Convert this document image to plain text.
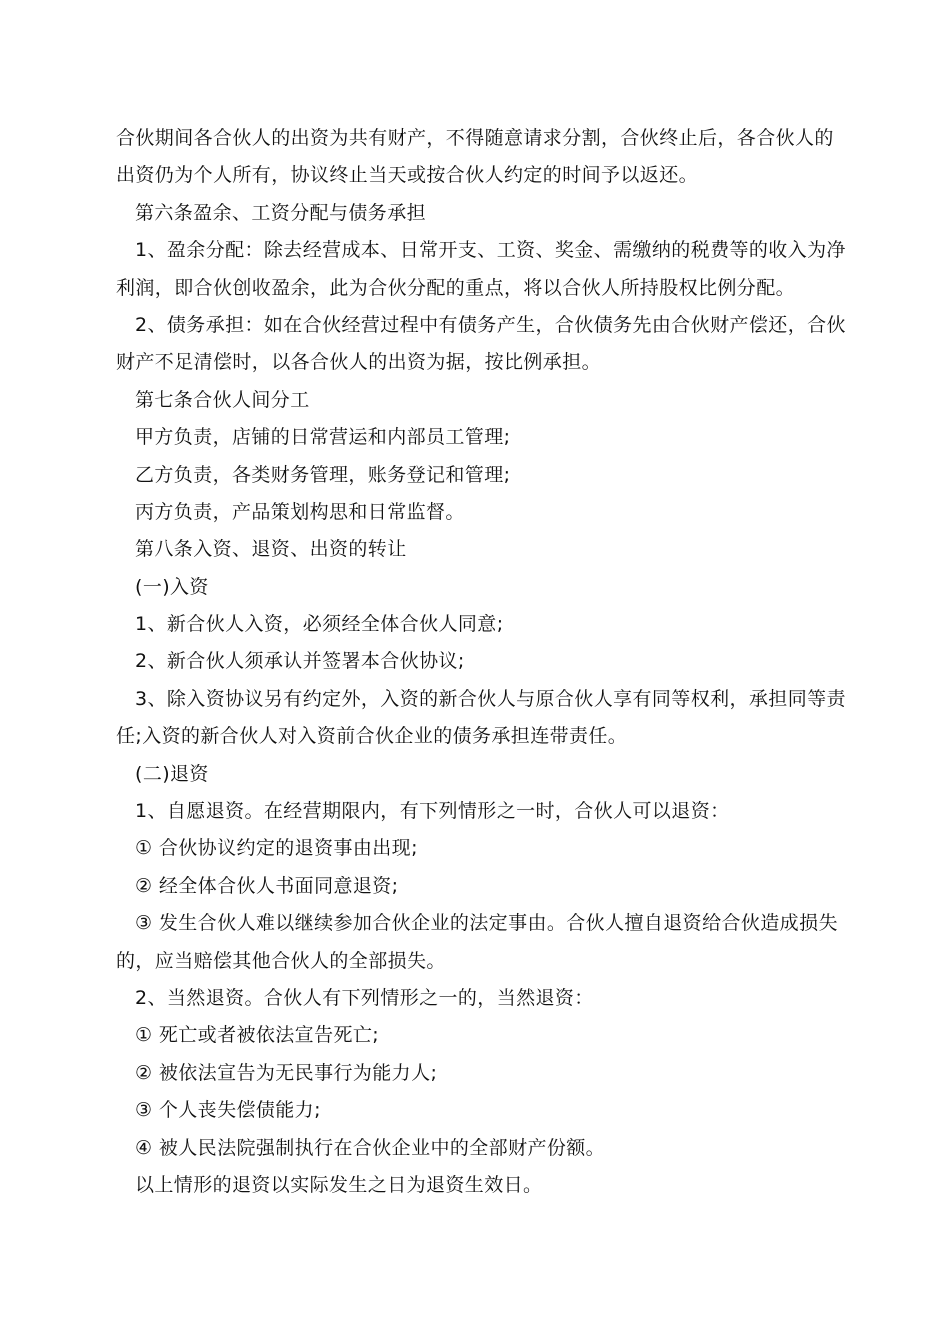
合伙期间各合伙人的出资为共有财产，不得随意请求分割，合伙终止后，各合伙人的
出资仍为个人所有，协议终止当天或按合伙人约定的时间予以返还。
第六条盈余、工资分配与债务承担
1、盈余分配：除去经营成本、日常开支、工资、奖金、需缴纳的税费等的收入为净
利润，即合伙创收盈余，此为合伙分配的重点，将以合伙人所持股权比例分配。
2、债务承担：如在合伙经营过程中有债务产生，合伙债务先由合伙财产偿还，合伙
财产不足清偿时，以各合伙人的出资为据，按比例承担。
第七条合伙人间分工
甲方负责，店铺的日常营运和内部员工管理;
乙方负责，各类财务管理，账务登记和管理;
丙方负责，产品策划构思和日常监督。
第八条入资、退资、出资的转让
(一)入资
1、新合伙人入资，必须经全体合伙人同意;
2、新合伙人须承认并签署本合伙协议;
3、除入资协议另有约定外，入资的新合伙人与原合伙人享有同等权利，承担同等责
任;入资的新合伙人对入资前合伙企业的债务承担连带责任。
(二)退资
1、自愿退资。在经营期限内，有下列情形之一时，合伙人可以退资：
① 合伙协议约定的退资事由出现;
② 经全体合伙人书面同意退资;
③ 发生合伙人难以继续参加合伙企业的法定事由。合伙人擅自退资给合伙造成损失
的，应当赔偿其他合伙人的全部损失。
2、当然退资。合伙人有下列情形之一的，当然退资：
① 死亡或者被依法宣告死亡;
② 被依法宣告为无民事行为能力人;
③ 个人丧失偿债能力;
④ 被人民法院强制执行在合伙企业中的全部财产份额。
以上情形的退资以实际发生之日为退资生效日。
